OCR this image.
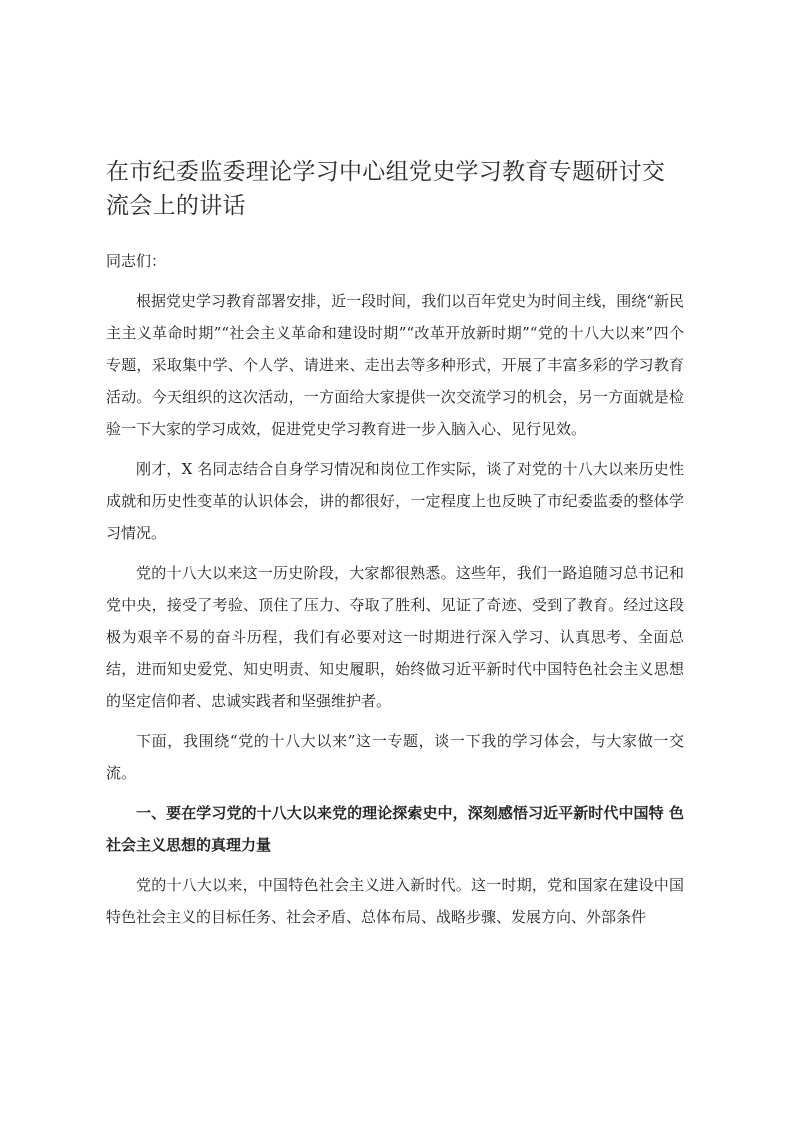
在市纪委监委理论学习中心组党史学习教育专题研讨交流会上的讲话

同志们：

根据党史学习教育部署安排，近一段时间，我们以百年党史为时间主线，围绕“新民主主义革命时期”“社会主义革命和建设时期”“改革开放新时期”“党的十八大以来”四个专题，采取集中学、个人学、请进来、走出去等多种形式，开展了丰富多彩的学习教育活动。今天组织的这次活动，一方面给大家提供一次交流学习的机会，另一方面就是检验一下大家的学习成效，促进党史学习教育进一步入脑入心、见行见效。

刚才，X 名同志结合自身学习情况和岗位工作实际，谈了对党的十八大以来历史性成就和历史性变革的认识体会，讲的都很好，一定程度上也反映了市纪委监委的整体学习情况。

党的十八大以来这一历史阶段，大家都很熟悉。这些年，我们一路追随习总书记和党中央，接受了考验、顶住了压力、夺取了胜利、见证了奇迹、受到了教育。经过这段极为艰辛不易的奋斗历程，我们有必要对这一时期进行深入学习、认真思考、全面总结，进而知史爱党、知史明责、知史履职，始终做习近平新时代中国特色社会主义思想的坚定信仰者、忠诚实践者和坚强维护者。

下面，我围绕“党的十八大以来”这一专题，谈一下我的学习体会，与大家做一交流。

一、要在学习党的十八大以来党的理论探索史中，深刻感悟习近平新时代中国特 色社会主义思想的真理力量

党的十八大以来，中国特色社会主义进入新时代。这一时期，党和国家在建设中国特色社会主义的目标任务、社会矛盾、总体布局、战略步骤、发展方向、外部条件
